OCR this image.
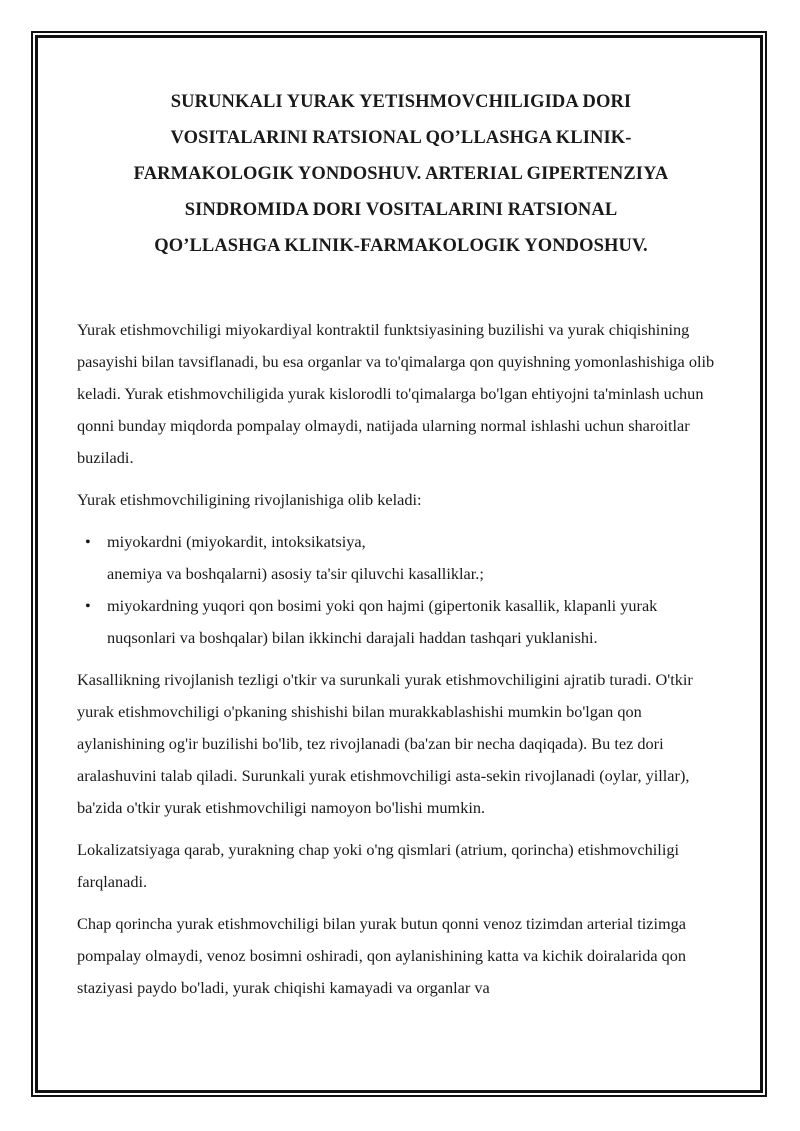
SURUNKALI YURAK YETISHMOVCHILIGIDA DORI
VOSITALARINI RATSIONAL QO’LLASHGA KLINIK-
FARMAKOLOGIK YONDOSHUV. ARTERIAL GIPERTENZIYA
SINDROMIDA DORI VOSITALARINI RATSIONAL
QO’LLASHGA KLINIK-FARMAKOLOGIK YONDOSHUV.

Yurak etishmovchiligi miyokardiyal kontraktil funktsiyasining buzilishi va yurak chiqishining pasayishi bilan tavsiflanadi, bu esa organlar va to'qimalarga qon quyishning yomonlashishiga olib keladi. Yurak etishmovchiligida yurak kislorodli to'qimalarga bo'lgan ehtiyojni ta'minlash uchun qonni bunday miqdorda pompalay olmaydi, natijada ularning normal ishlashi uchun sharoitlar buziladi.

Yurak etishmovchiligining rivojlanishiga olib keladi:

• miyokardni (miyokardit, intoksikatsiya,
anemiya va boshqalarni) asosiy ta'sir qiluvchi kasalliklar.;
• miyokardning yuqori qon bosimi yoki qon hajmi (gipertonik kasallik, klapanli yurak nuqsonlari va boshqalar) bilan ikkinchi darajali haddan tashqari yuklanishi.

Kasallikning rivojlanish tezligi o'tkir va surunkali yurak etishmovchiligini ajratib turadi. O'tkir yurak etishmovchiligi o'pkaning shishishi bilan murakkablashishi mumkin bo'lgan qon aylanishining og'ir buzilishi bo'lib, tez rivojlanadi (ba'zan bir necha daqiqada). Bu tez dori aralashuvini talab qiladi. Surunkali yurak etishmovchiligi asta-sekin rivojlanadi (oylar, yillar), ba'zida o'tkir yurak etishmovchiligi namoyon bo'lishi mumkin.

Lokalizatsiyaga qarab, yurakning chap yoki o'ng qismlari (atrium, qorincha) etishmovchiligi farqlanadi.

Chap qorincha yurak etishmovchiligi bilan yurak butun qonni venoz tizimdan arterial tizimga pompalay olmaydi, venoz bosimni oshiradi, qon aylanishining katta va kichik doiralarida qon staziyasi paydo bo'ladi, yurak chiqishi kamayadi va organlar va
